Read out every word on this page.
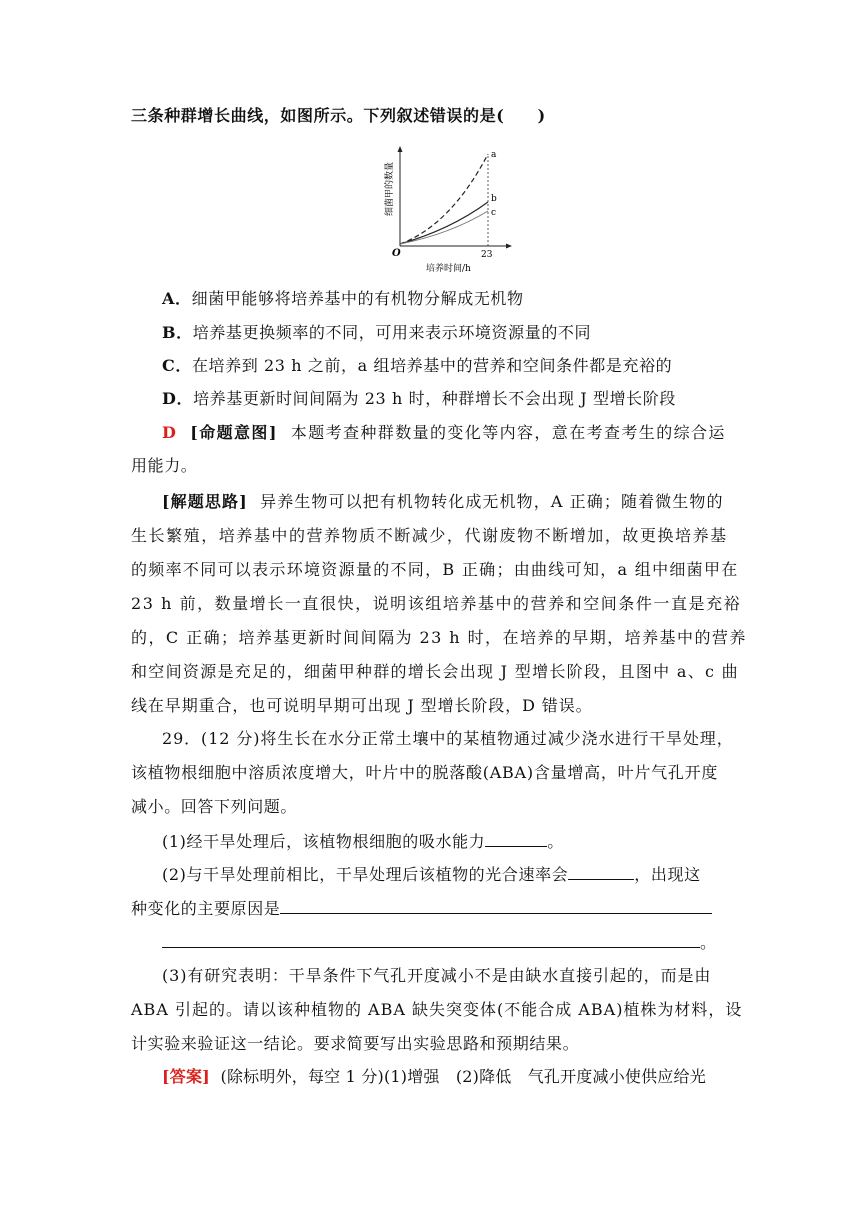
三条种群增长曲线，如图所示。下列叙述错误的是(　　)
a
b
c
O	23
培养时间/h
细菌甲的数量
A．细菌甲能够将培养基中的有机物分解成无机物
B．培养基更换频率的不同，可用来表示环境资源量的不同
C．在培养到 23 h 之前，a 组培养基中的营养和空间条件都是充裕的
D．培养基更新时间间隔为 23 h 时，种群增长不会出现 J 型增长阶段
D [命题意图] 本题考查种群数量的变化等内容，意在考查考生的综合运
用能力。
[解题思路] 异养生物可以把有机物转化成无机物，A 正确；随着微生物的
生长繁殖，培养基中的营养物质不断减少，代谢废物不断增加，故更换培养基
的频率不同可以表示环境资源量的不同，B 正确；由曲线可知，a 组中细菌甲在
23 h 前，数量增长一直很快，说明该组培养基中的营养和空间条件一直是充裕
的，C 正确；培养基更新时间间隔为 23 h 时，在培养的早期，培养基中的营养
和空间资源是充足的，细菌甲种群的增长会出现 J 型增长阶段，且图中 a、c 曲
线在早期重合，也可说明早期可出现 J 型增长阶段，D 错误。
29．(12 分)将生长在水分正常土壤中的某植物通过减少浇水进行干旱处理，
该植物根细胞中溶质浓度增大，叶片中的脱落酸(ABA)含量增高，叶片气孔开度
减小。回答下列问题。
(1)经干旱处理后，该植物根细胞的吸水能力	。
(2)与干旱处理前相比，干旱处理后该植物的光合速率会	，出现这
种变化的主要原因是
。
(3)有研究表明：干旱条件下气孔开度减小不是由缺水直接引起的，而是由
ABA 引起的。请以该种植物的 ABA 缺失突变体(不能合成 ABA)植株为材料，设
计实验来验证这一结论。要求简要写出实验思路和预期结果。
[答案] (除标明外，每空 1 分)(1)增强　(2)降低　气孔开度减小使供应给光
